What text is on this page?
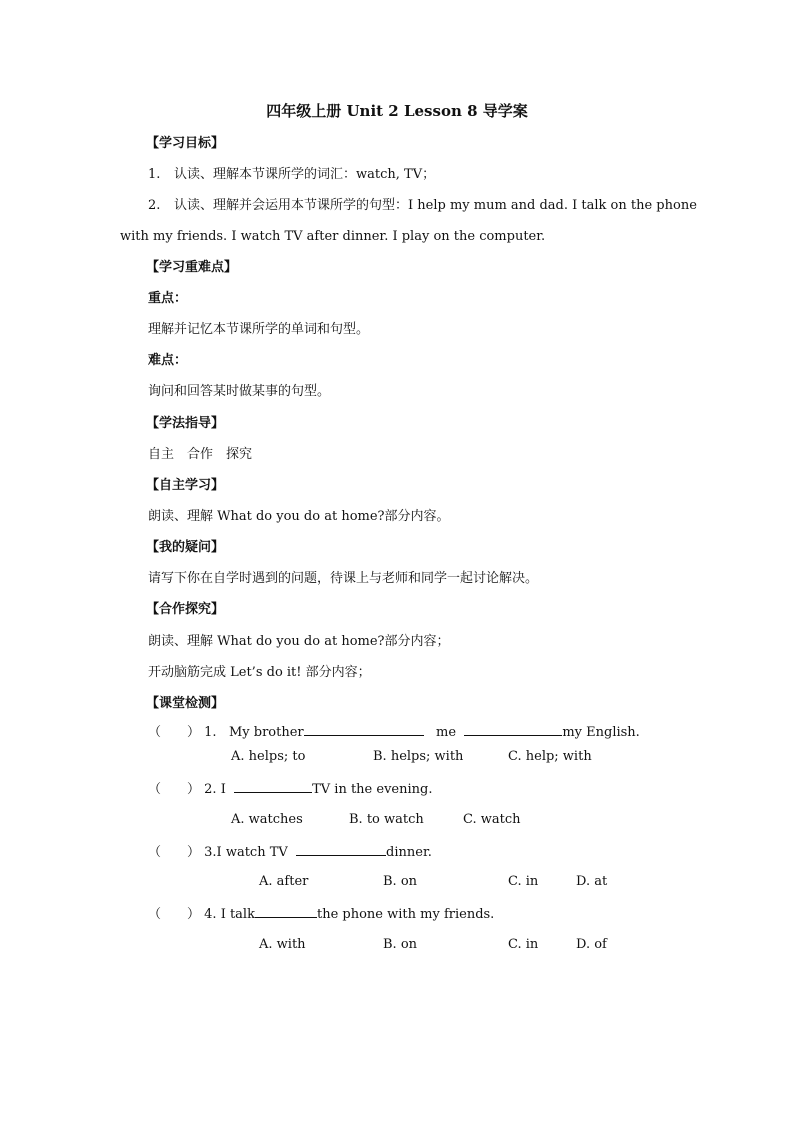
四年级上册 Unit 2 Lesson 8 导学案
【学习目标】
1. 认读、理解本节课所学的词汇：watch, TV；
2. 认读、理解并会运用本节课所学的句型：I help my mum and dad. I talk on the phone
with my friends. I watch TV after dinner. I play on the computer.
【学习重难点】
重点：
理解并记忆本节课所学的单词和句型。
难点：
询问和回答某时做某事的句型。
【学法指导】
自主　合作　探究
【自主学习】
朗读、理解 What do you do at home?部分内容。
【我的疑问】
请写下你在自学时遇到的问题，待课上与老师和同学一起讨论解决。
【合作探究】
朗读、理解 What do you do at home?部分内容；
开动脑筋完成 Let’s do it! 部分内容；
【课堂检测】
（　　） 1. My brother	me	my English.
A. helps; to	B. helps; with	C. help; with
（　　） 2. I	TV in the evening.
A. watches	B. to watch	C. watch
（　　） 3.I watch TV	dinner.
A. after	B. on	C. in	D. at
（　　） 4. I talk	the phone with my friends.
A. with	B. on	C. in	D. of
